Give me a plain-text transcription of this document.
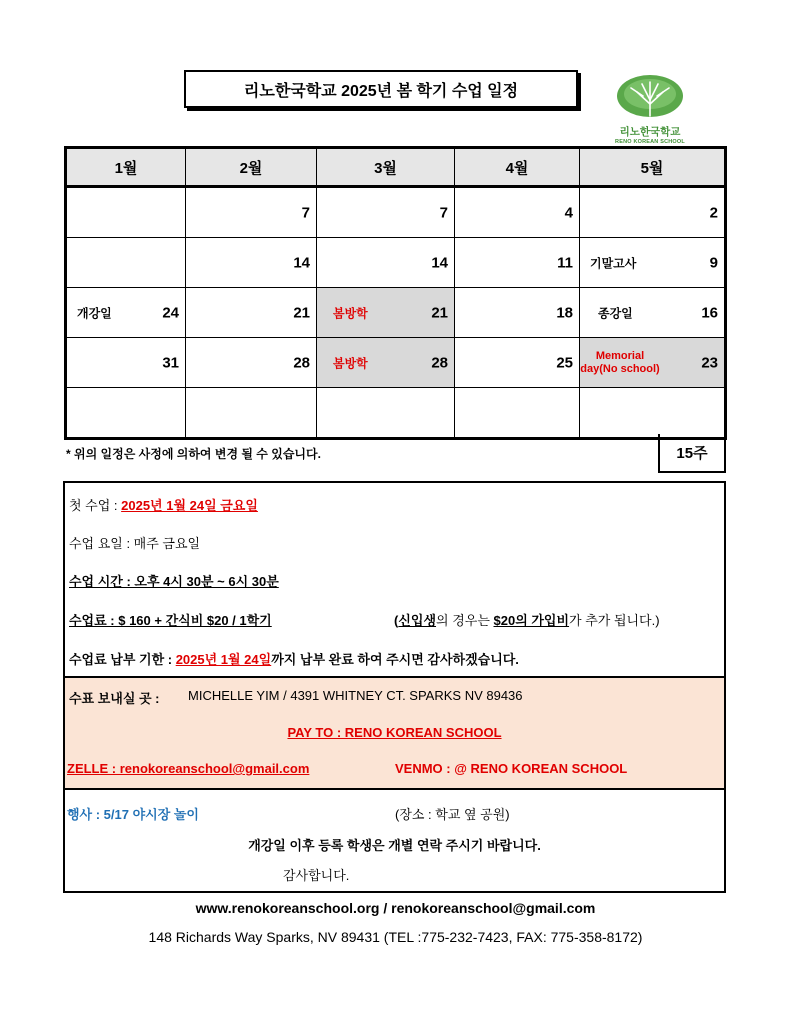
리노한국학교 2025년 봄 학기 수업 일정
리노한국학교
RENO KOREAN SCHOOL
1월	2월	3월	4월	5월

	7	7	4	2

	14	14	11	기말고사 9

개강일 24	21	봄방학 21	18	종강일 16

31	28	봄방학 28	25	Memorial day(No school) 23

* 위의 일정은 사정에 의하여 변경 될 수 있습니다.	15주
첫 수업 : 2025년 1월 24일 금요일
수업 요일 : 매주 금요일
수업 시간 : 오후 4시 30분 ~ 6시 30분
수업료 : $ 160 + 간식비 $20 / 1학기	(신입생의 경우는 $20의 가입비가 추가 됩니다.)
수업료 납부 기한 : 2025년 1월 24일까지 납부 완료 하여 주시면 감사하겠습니다.
수표 보내실 곳 : MICHELLE YIM / 4391 WHITNEY CT. SPARKS NV 89436
PAY TO : RENO KOREAN SCHOOL
ZELLE : renokoreanschool@gmail.com	VENMO : @ RENO KOREAN SCHOOL
행사 : 5/17 야시장 놀이	(장소 : 학교 옆 공원)
개강일 이후 등록 학생은 개별 연락 주시기 바랍니다.
감사합니다.
www.renokoreanschool.org / renokoreanschool@gmail.com
148 Richards Way Sparks, NV 89431 (TEL :775-232-7423, FAX: 775-358-8172)
